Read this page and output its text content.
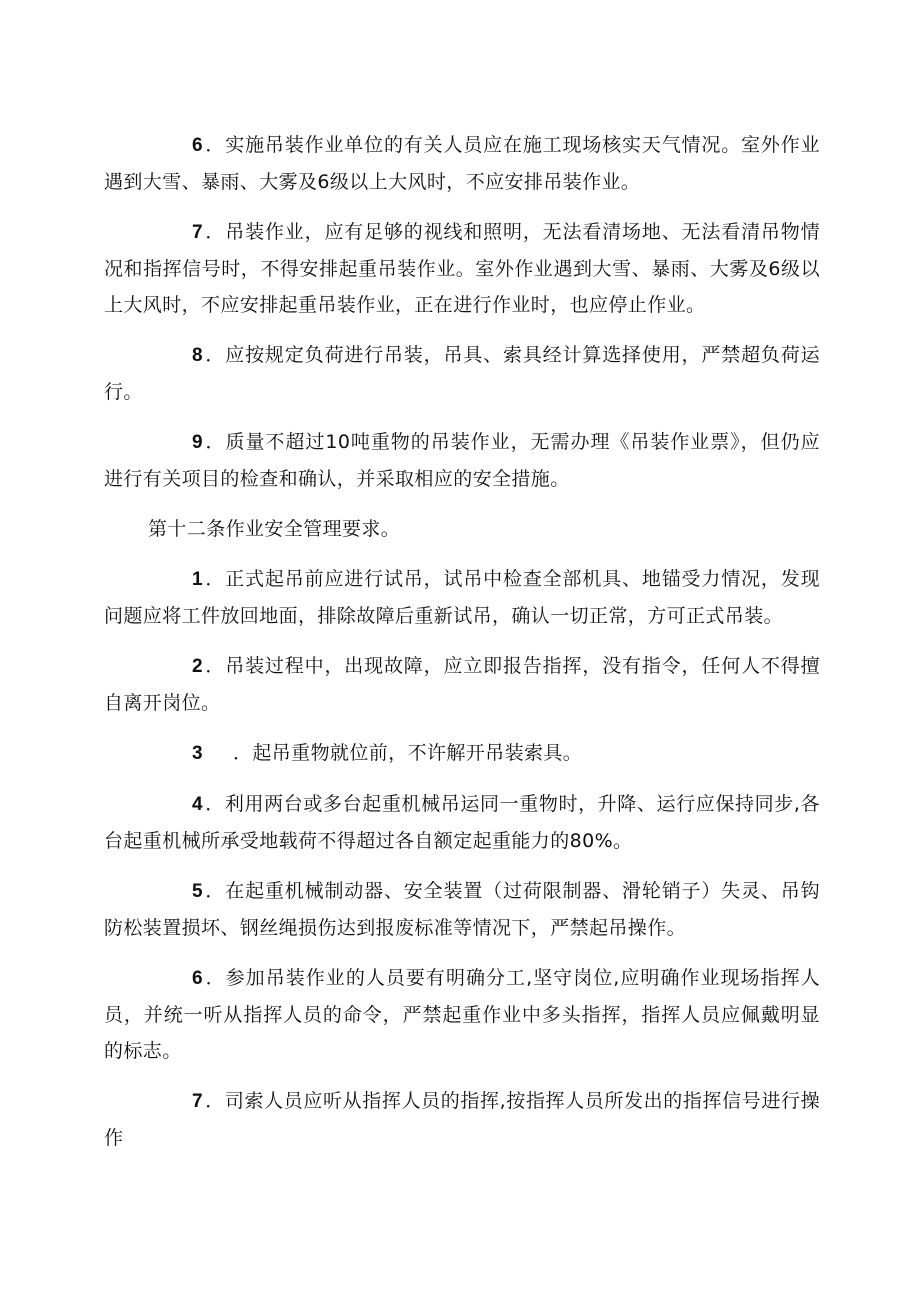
6 ．实施吊装作业单位的有关人员应在施工现场核实天气情况。室外作业遇到大雪、暴雨、大雾及6级以上大风时，不应安排吊装作业。

7 ．吊装作业，应有足够的视线和照明，无法看清场地、无法看清吊物情况和指挥信号时，不得安排起重吊装作业。室外作业遇到大雪、暴雨、大雾及6级以上大风时，不应安排起重吊装作业，正在进行作业时，也应停止作业。

8 ．应按规定负荷进行吊装，吊具、索具经计算选择使用，严禁超负荷运行。

9 ．质量不超过10吨重物的吊装作业，无需办理《吊装作业票》，但仍应进行有关项目的检查和确认，并采取相应的安全措施。

第十二条作业安全管理要求。

1 ．正式起吊前应进行试吊，试吊中检查全部机具、地锚受力情况，发现问题应将工件放回地面，排除故障后重新试吊，确认一切正常，方可正式吊装。

2 ．吊装过程中，出现故障，应立即报告指挥，没有指令，任何人不得擅自离开岗位。

3 ．起吊重物就位前，不许解开吊装索具。

4 ．利用两台或多台起重机械吊运同一重物时，升降、运行应保持同步,各台起重机械所承受地载荷不得超过各自额定起重能力的80%。

5 ．在起重机械制动器、安全装置（过荷限制器、滑轮销子）失灵、吊钩防松装置损坏、钢丝绳损伤达到报废标准等情况下，严禁起吊操作。

6 ．参加吊装作业的人员要有明确分工,坚守岗位,应明确作业现场指挥人员，并统一听从指挥人员的命令，严禁起重作业中多头指挥，指挥人员应佩戴明显的标志。

7 ．司索人员应听从指挥人员的指挥,按指挥人员所发出的指挥信号进行操作
